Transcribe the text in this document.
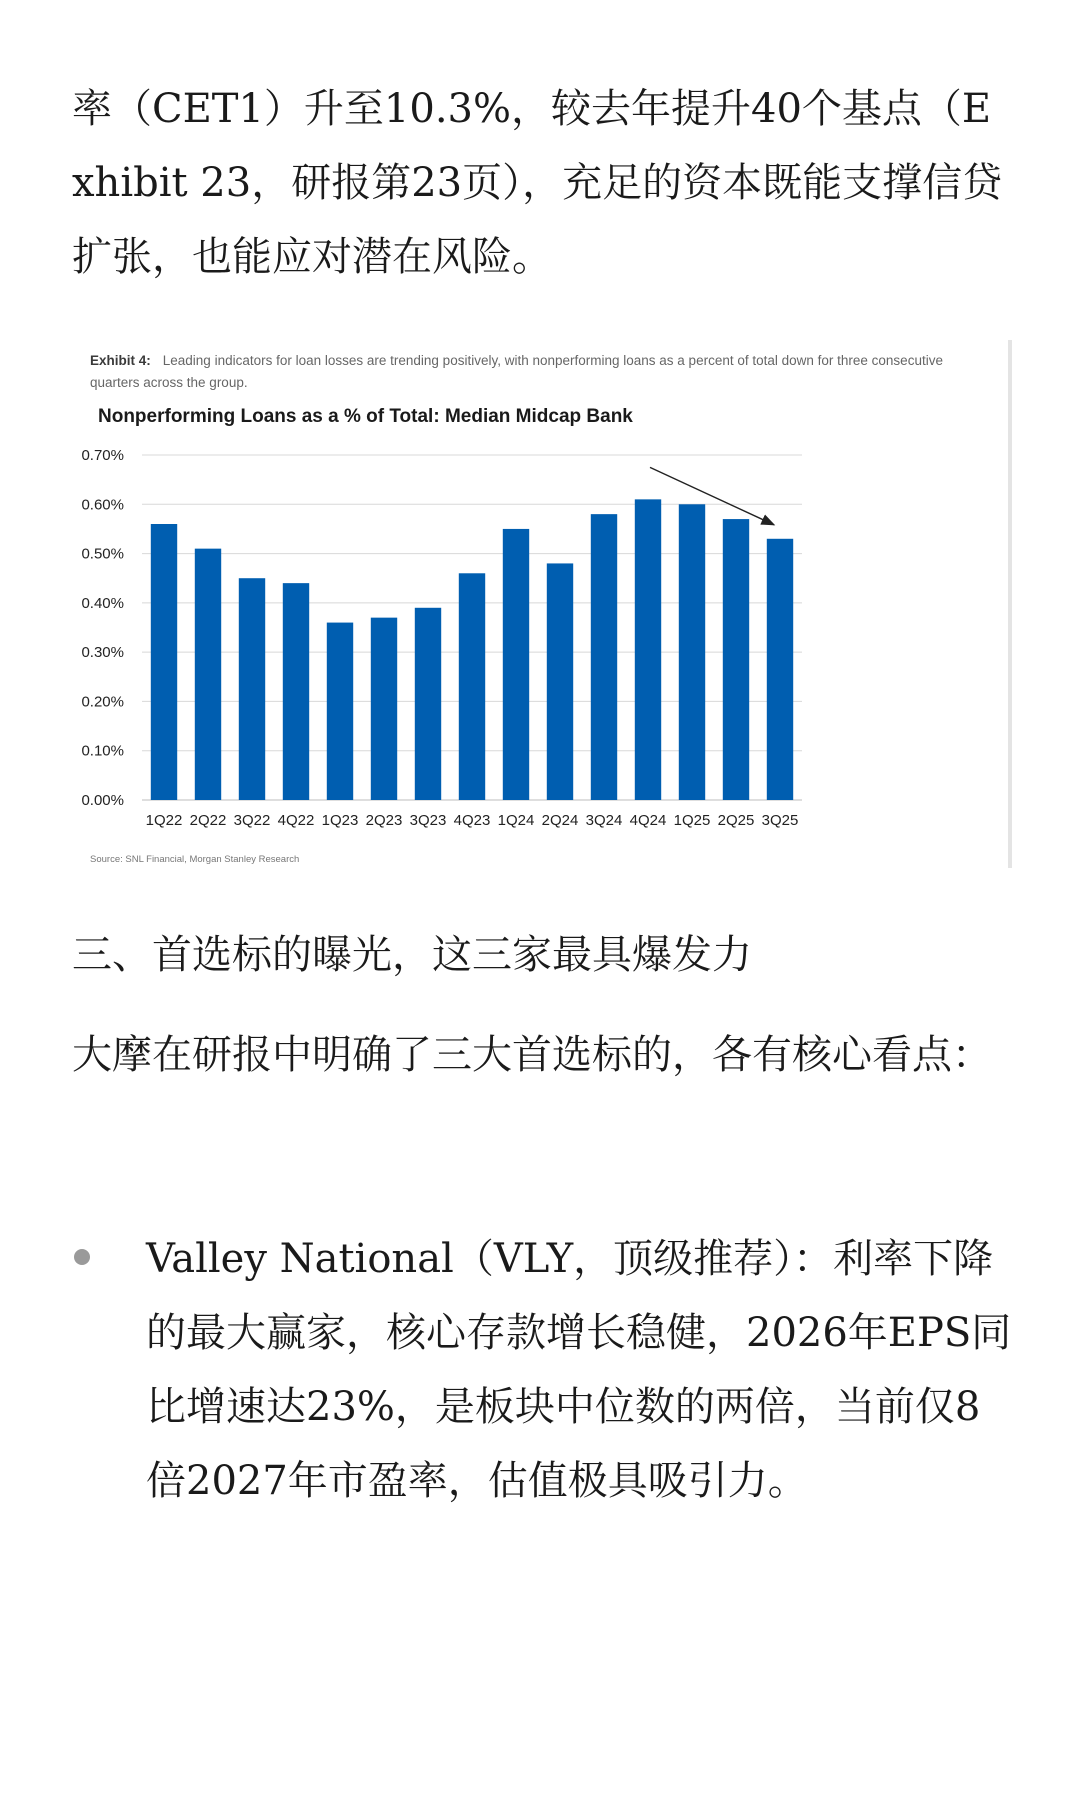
率（CET1）升至10.3%，较去年提升40个基点（Exhibit 23，研报第23页），充足的资本既能支撑信贷扩张，也能应对潜在风险。
Exhibit 4: Leading indicators for loan losses are trending positively, with nonperforming loans as a percent of total down for three consecutive quarters across the group.
Nonperforming Loans as a % of Total: Median Midcap Bank
0.00%
0.10%
0.20%
0.30%
0.40%
0.50%
0.60%
0.70%
1Q22 2Q22 3Q22 4Q22 1Q23 2Q23 3Q23 4Q23 1Q24 2Q24 3Q24 4Q24 1Q25 2Q25 3Q25
Source: SNL Financial, Morgan Stanley Research
三、首选标的曝光，这三家最具爆发力
大摩在研报中明确了三大首选标的，各有核心看点：
Valley National（VLY，顶级推荐）：利率下降的最大赢家，核心存款增长稳健，2026年EPS同比增速达23%，是板块中位数的两倍，当前仅8倍2027年市盈率，估值极具吸引力。
